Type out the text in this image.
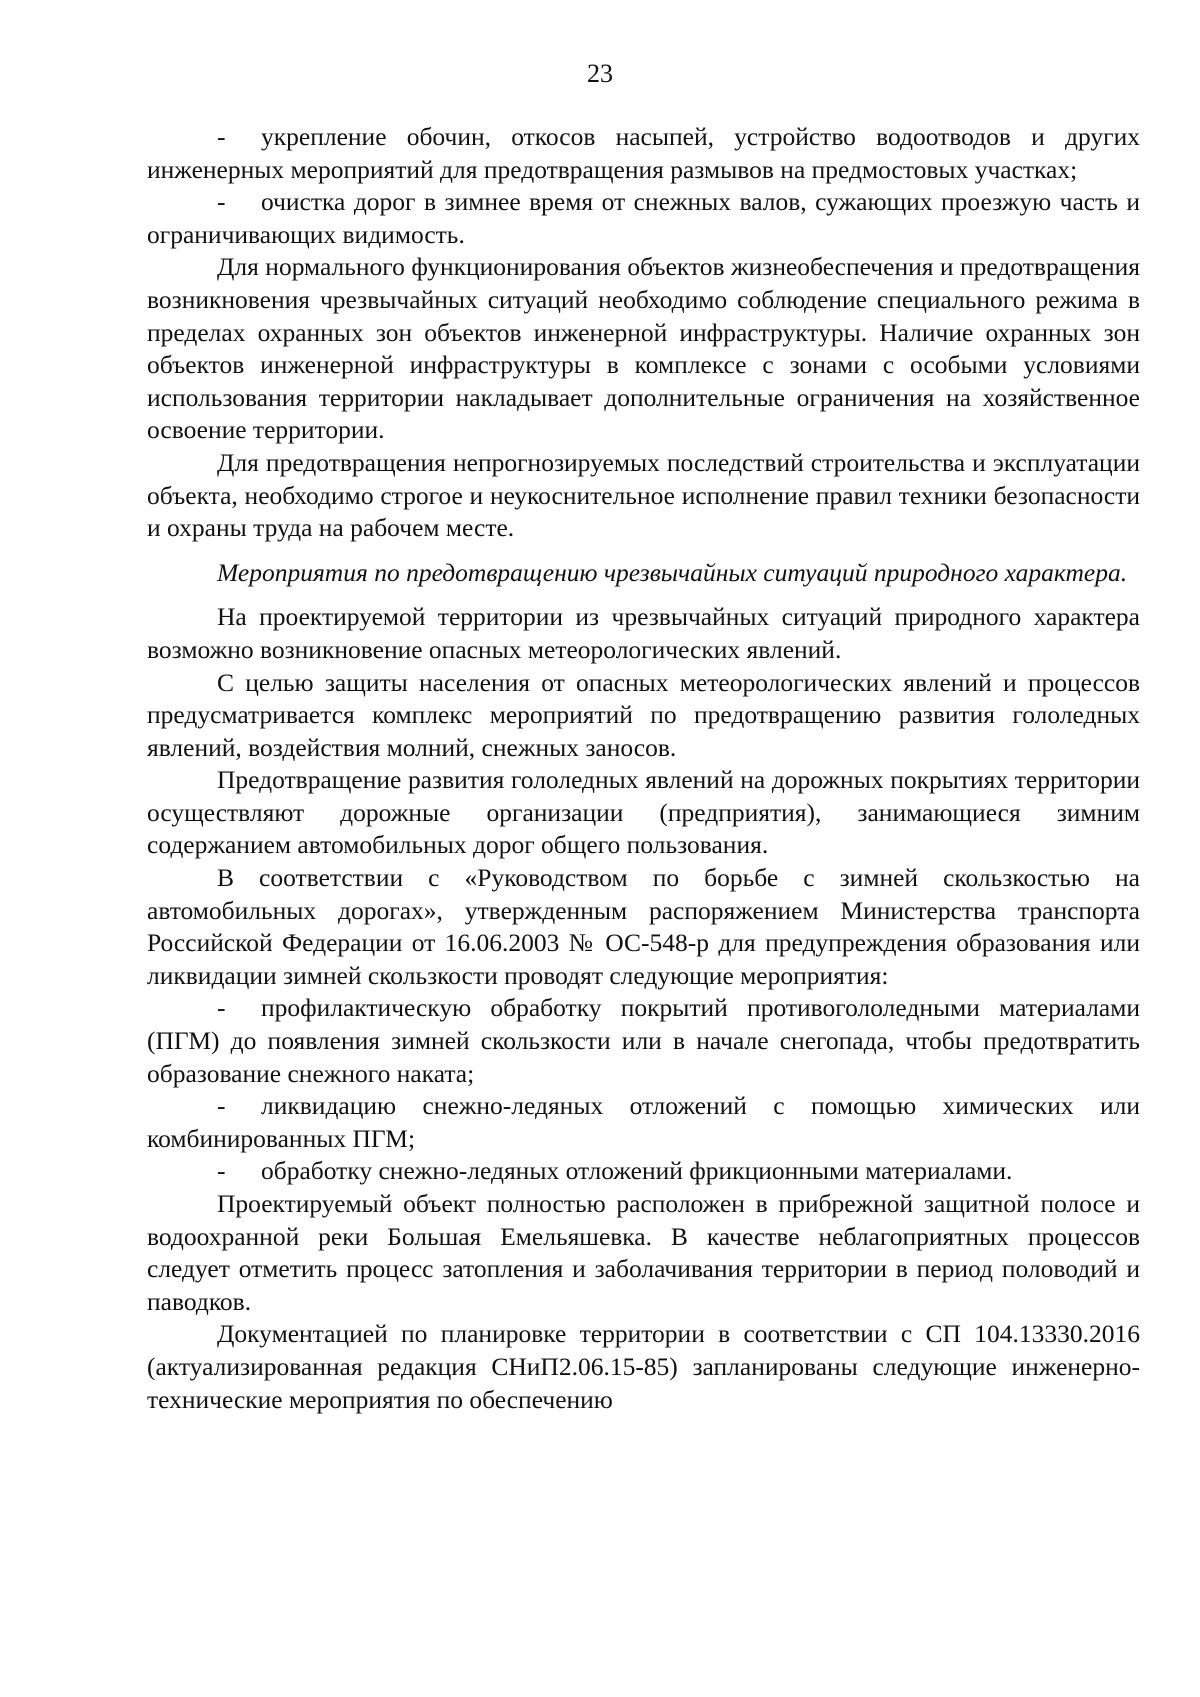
23

- укрепление обочин, откосов насыпей, устройство водоотводов и других инженерных мероприятий для предотвращения размывов на предмостовых участках;

- очистка дорог в зимнее время от снежных валов, сужающих проезжую часть и ограничивающих видимость.

Для нормального функционирования объектов жизнеобеспечения и предотвращения возникновения чрезвычайных ситуаций необходимо соблюдение специального режима в пределах охранных зон объектов инженерной инфраструктуры. Наличие охранных зон объектов инженерной инфраструктуры в комплексе с зонами с особыми условиями использования территории накладывает дополнительные ограничения на хозяйственное освоение территории.

Для предотвращения непрогнозируемых последствий строительства и эксплуатации объекта, необходимо строгое и неукоснительное исполнение правил техники безопасности и охраны труда на рабочем месте.

Мероприятия по предотвращению чрезвычайных ситуаций природного характера.

На проектируемой территории из чрезвычайных ситуаций природного характера возможно возникновение опасных метеорологических явлений.

С целью защиты населения от опасных метеорологических явлений и процессов предусматривается комплекс мероприятий по предотвращению развития гололедных явлений, воздействия молний, снежных заносов.

Предотвращение развития гололедных явлений на дорожных покрытиях территории осуществляют дорожные организации (предприятия), занимающиеся зимним содержанием автомобильных дорог общего пользования.

В соответствии с «Руководством по борьбе с зимней скользкостью на автомобильных дорогах», утвержденным распоряжением Министерства транспорта Российской Федерации от 16.06.2003 № ОС-548-р для предупреждения образования или ликвидации зимней скользкости проводят следующие мероприятия:

- профилактическую обработку покрытий противогололедными материалами (ПГМ) до появления зимней скользкости или в начале снегопада, чтобы предотвратить образование снежного наката;

- ликвидацию снежно-ледяных отложений с помощью химических или комбинированных ПГМ;

- обработку снежно-ледяных отложений фрикционными материалами.

Проектируемый объект полностью расположен в прибрежной защитной полосе и водоохранной реки Большая Емельяшевка. В качестве неблагоприятных процессов следует отметить процесс затопления и заболачивания территории в период половодий и паводков.

Документацией по планировке территории в соответствии с СП 104.13330.2016 (актуализированная редакция СНиП2.06.15-85) запланированы следующие инженерно-технические мероприятия по обеспечению
